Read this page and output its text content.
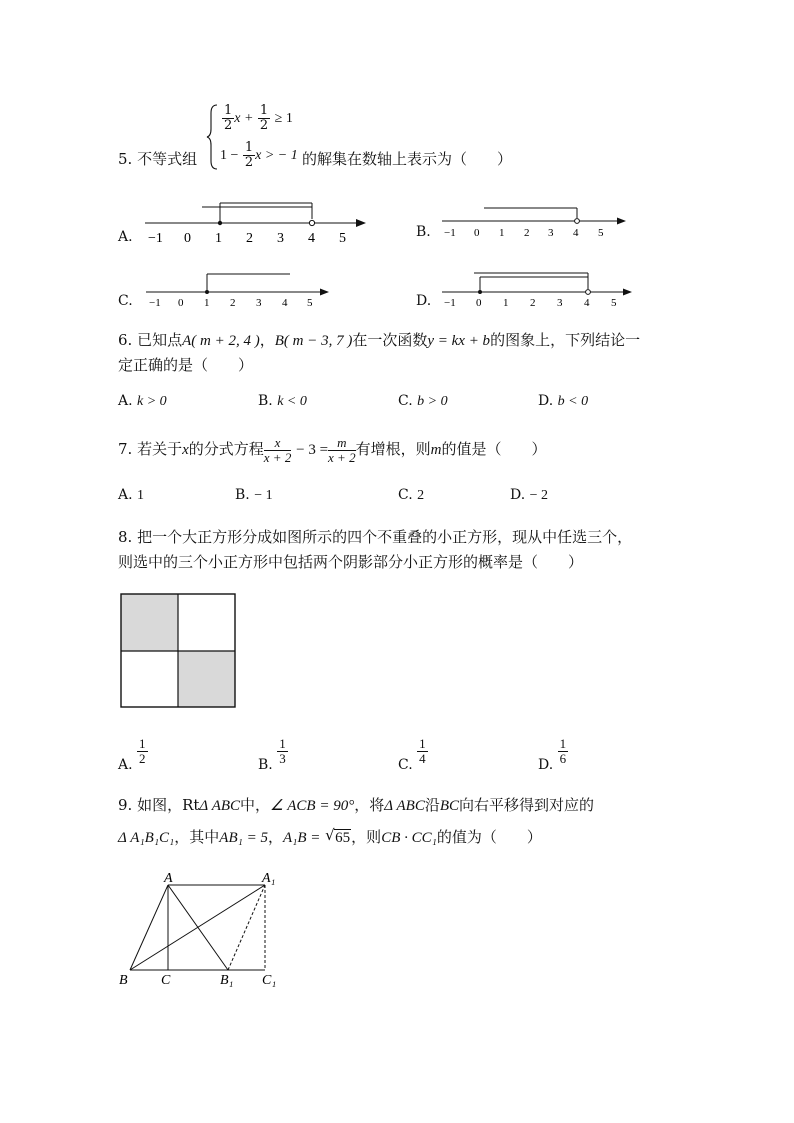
$\frac{1}{2}$ $x + \frac{1}{2} \ge 1$
5. 不等式组 $1 - \frac{1}{2}$ x > − 1 的解集在数轴上表示为（　　）
A. −1 0 1 2 3 4 5	B. −1 0 1 2 3 4 5
C. −1 0 1 2 3 4 5	D. −1 0 1 2 3 4 5
6. 已知点A( m + 2, 4 )，B( m − 3, 7 )在一次函数y = kx + b的图象上，下列结论一
定正确的是（　　）
A. k > 0	B. k < 0	C. b > 0	D. b < 0
7. 若关于x的分式方程 $\frac{x}{x + 2} - 3 = \frac{m}{x + 2}$ 有增根，则m的值是（　　）
A. 1	B. − 1	C. 2	D. − 2
8. 把一个大正方形分成如图所示的四个不重叠的小正方形，现从中任选三个，
则选中的三个小正方形中包括两个阴影部分小正方形的概率是（　　）
A. $\frac{1}{2}$	B. $\frac{1}{3}$	C. $\frac{1}{4}$	D. $\frac{1}{6}$
9. 如图，RtΔ ABC中，∠ ACB = 90°，将Δ ABC沿BC向右平移得到对应的
Δ A₁B₁C₁，其中AB₁ = 5，A₁B = √ 65，则CB · CC₁的值为（　　）
A	A₁
B C	B₁ C₁
